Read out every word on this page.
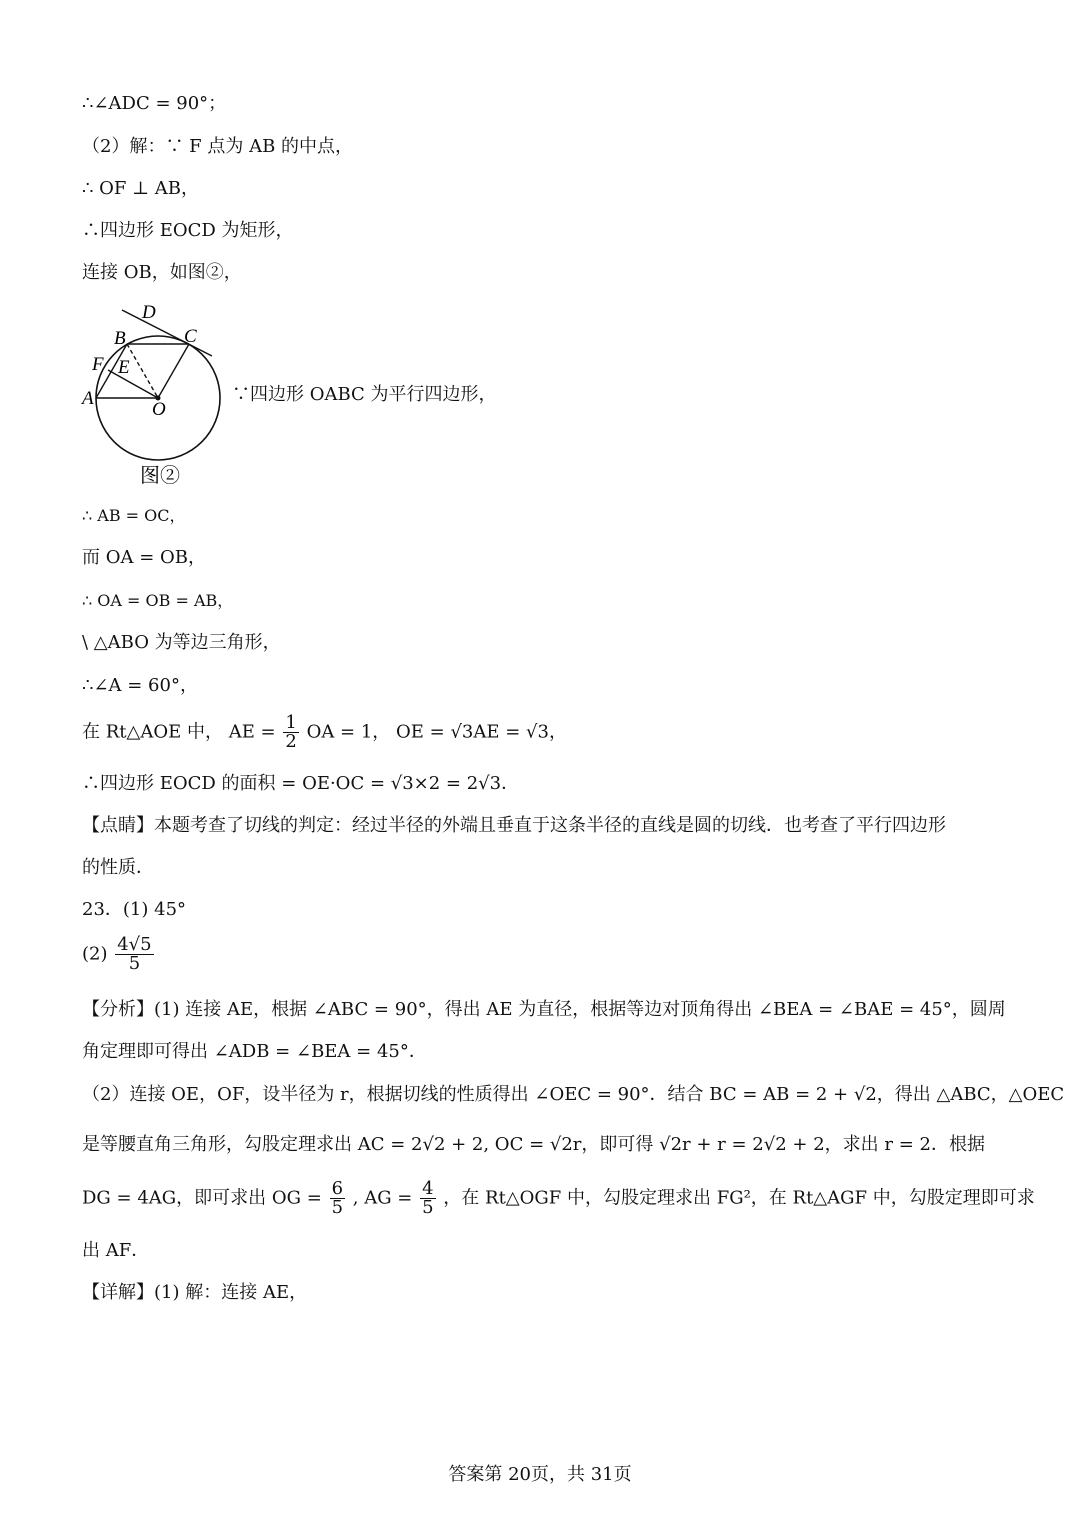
∴∠ADC = 90°；
（2）解：∵ F 点为 AB 的中点，
∴ OF ⊥ AB，
∴四边形 EOCD 为矩形，
连接 OB，如图②，
D
B	C
F E
A
O
图②
∵四边形 OABC 为平行四边形，
∴ AB = OC，
而 OA = OB，
∴ OA = OB = AB，
\ △ABO 为等边三角形，
∴∠A = 60°，
在 Rt△AOE 中， AE = $\frac{1}{2}$ OA = 1， OE = √3AE = √3，
∴四边形 EOCD 的面积 = OE·OC = √3×2 = 2√3．
【点睛】本题考查了切线的判定：经过半径的外端且垂直于这条半径的直线是圆的切线．也考查了平行四边形
的性质．
23．(1) 45°
$(2) \frac{4√5}{5}$
【分析】(1) 连接 AE，根据 ∠ABC = 90°，得出 AE 为直径，根据等边对顶角得出 ∠BEA = ∠BAE = 45°，圆周
角定理即可得出 ∠ADB = ∠BEA = 45°．
（2）连接 OE，OF，设半径为 r，根据切线的性质得出 ∠OEC = 90°．结合 BC = AB = 2 + √2，得出 △ABC，△OEC
是等腰直角三角形，勾股定理求出 AC = 2√2 + 2, OC = √2r，即可得 √2r + r = 2√2 + 2，求出 r = 2．根据
DG = 4AG，即可求出 OG = $\frac{6}{5}$ , AG = $\frac{4}{5}$ ，在 Rt△OGF 中，勾股定理求出 FG²，在 Rt△AGF 中，勾股定理即可求
出 AF．
【详解】(1) 解：连接 AE，
答案第 20页，共 31页
